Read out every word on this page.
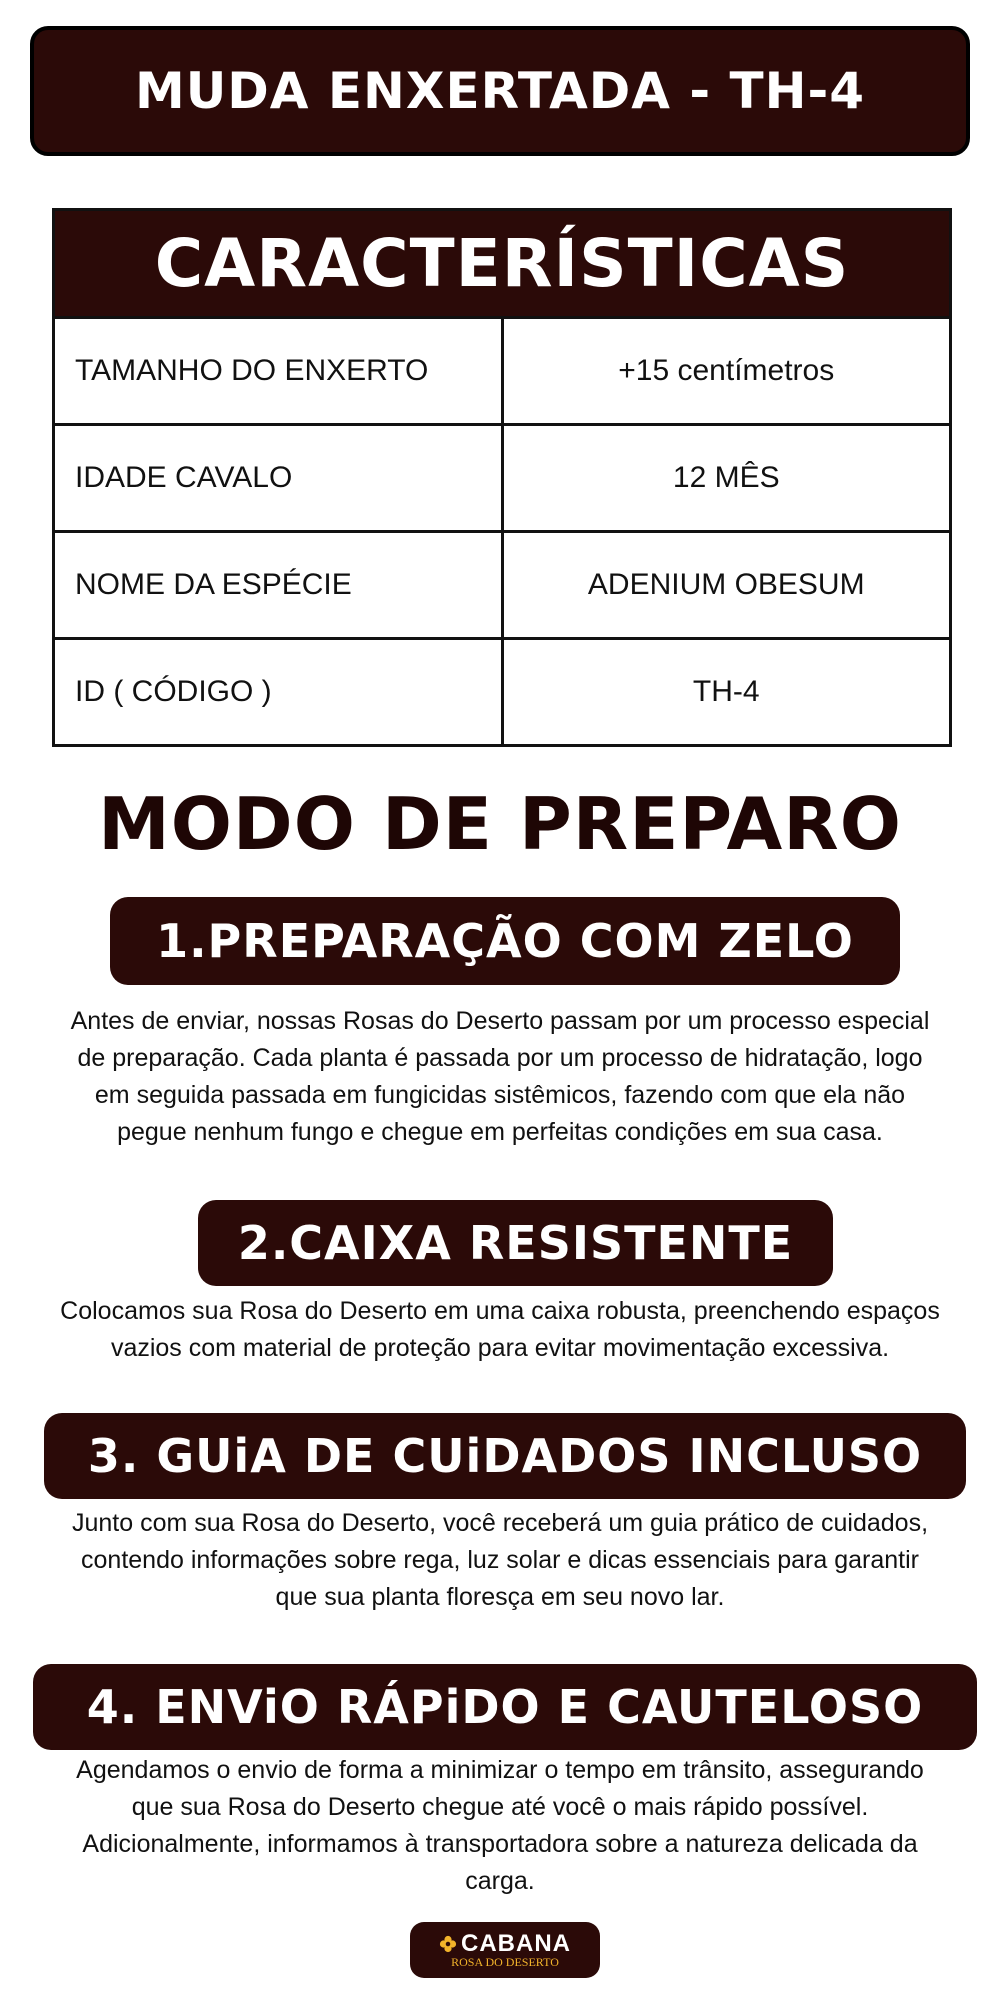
MUDA ENXERTADA - TH-4
CARACTERÍSTICAS	
TAMANHO DO ENXERTO	+15 centímetros
IDADE CAVALO	12 MÊS
NOME DA ESPÉCIE	ADENIUM OBESUM
ID ( CÓDIGO )	TH-4
MODO DE PREPARO
1.PREPARAÇÃO COM ZELO
Antes de enviar, nossas Rosas do Deserto passam por um processo especial de preparação. Cada planta é passada por um processo de hidratação, logo em seguida passada em fungicidas sistêmicos, fazendo com que ela não pegue nenhum fungo e chegue em perfeitas condições em sua casa.
2.CAIXA RESISTENTE
Colocamos sua Rosa do Deserto em uma caixa robusta, preenchendo espaços vazios com material de proteção para evitar movimentação excessiva.
3. GUiA DE CUiDADOS INCLUSO
Junto com sua Rosa do Deserto, você receberá um guia prático de cuidados, contendo informações sobre rega, luz solar e dicas essenciais para garantir que sua planta floresça em seu novo lar.
4. ENViO RÁPiDO E CAUTELOSO
Agendamos o envio de forma a minimizar o tempo em trânsito, assegurando que sua Rosa do Deserto chegue até você o mais rápido possível. Adicionalmente, informamos à transportadora sobre a natureza delicada da carga.
CABANA
ROSA DO DESERTO
